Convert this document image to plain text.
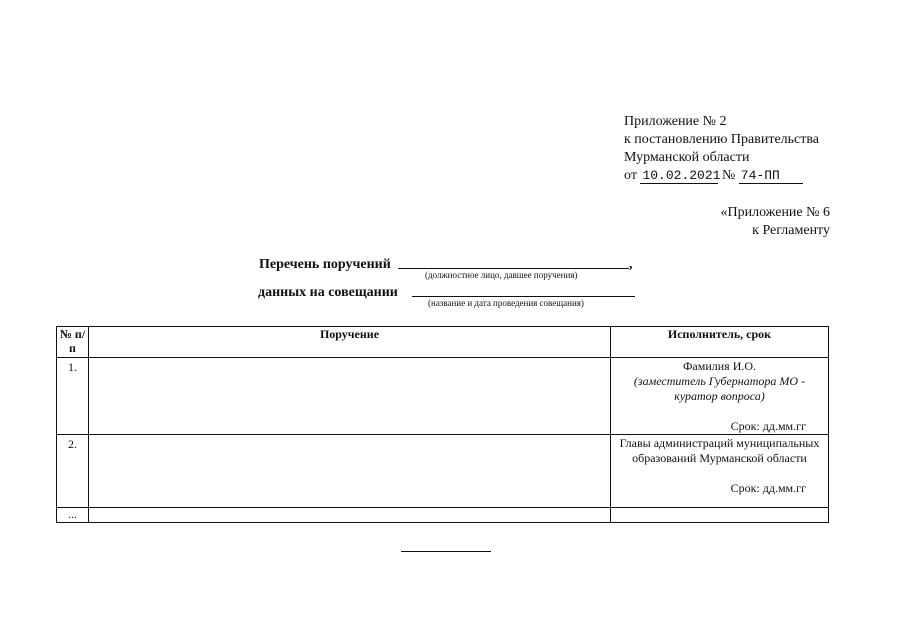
Приложение № 2
к постановлению Правительства
Мурманской области
от 10.02.2021 № 74-ПП
«Приложение № 6
к Регламенту
Перечень поручений	,
(должностное лицо, давшее поручения)
данных на совещании
(название и дата проведения совещания)
№ п/п	Поручение	Исполнитель, срок
1.		Фамилия И.О.
(заместитель Губернатора МО - куратор вопроса)
Срок: дд.мм.гг

2.		Главы администраций муниципальных образований Мурманской области
Срок: дд.мм.гг

...		
